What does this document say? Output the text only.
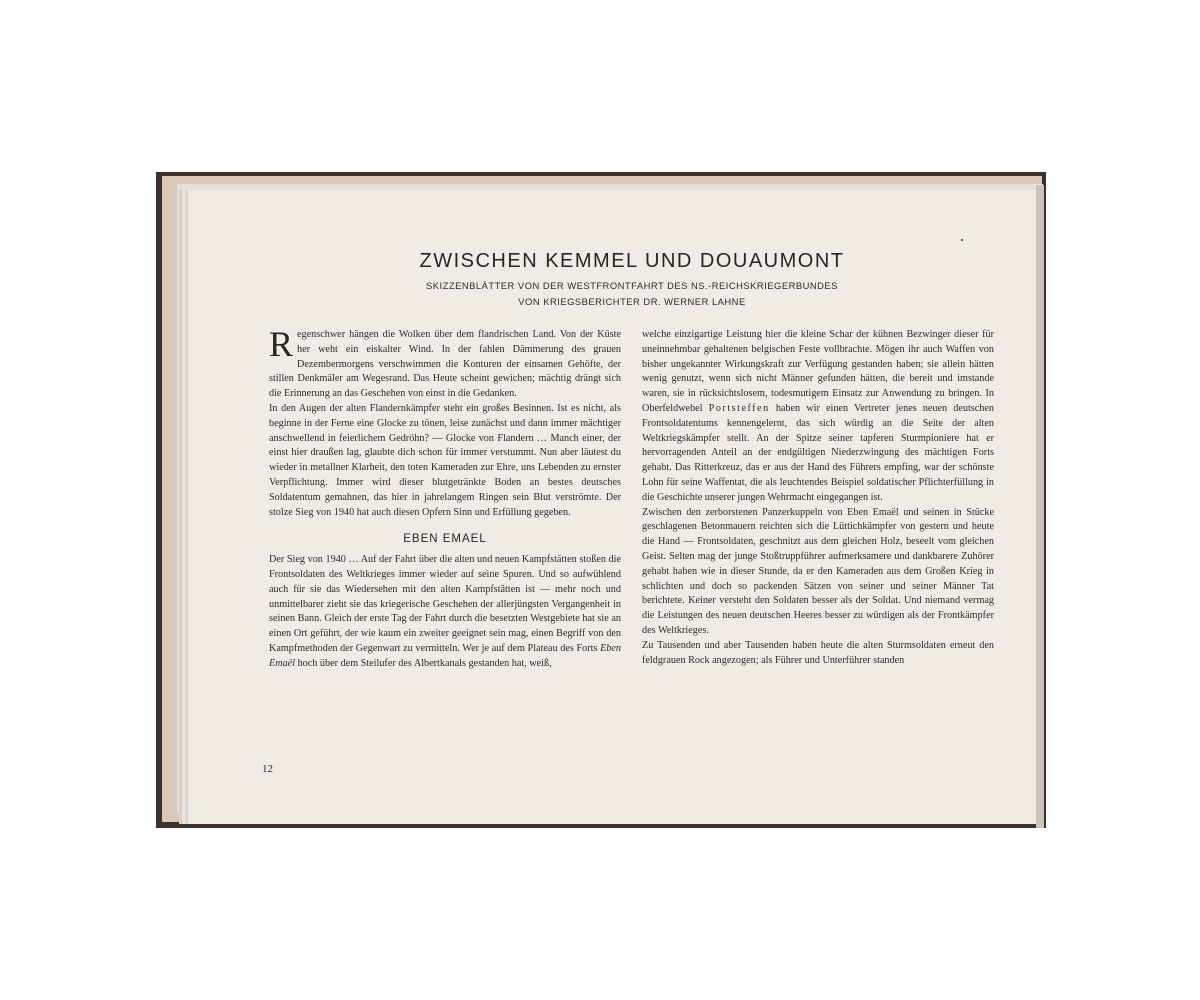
ZWISCHEN KEMMEL UND DOUAUMONT
SKIZZENBLÄTTER VON DER WESTFRONTFAHRT DES NS.-REICHSKRIEGERBUNDES
VON KRIEGSBERICHTER DR. WERNER LAHNE

Regenschwer hängen die Wolken über dem flandrischen Land. Von der Küste her weht ein eiskalter Wind. In der fahlen Dämmerung des grauen Dezembermorgens verschwimmen die Konturen der einsamen Gehöfte, der stillen Denkmäler am Wegesrand. Das Heute scheint gewichen; mächtig drängt sich die Erinnerung an das Geschehen von einst in die Gedanken.

In den Augen der alten Flandernkämpfer steht ein großes Besinnen. Ist es nicht, als beginne in der Ferne eine Glocke zu tönen, leise zunächst und dann immer mächtiger anschwellend in feierlichem Gedröhn? — Glocke von Flandern … Manch einer, der einst hier draußen lag, glaubte dich schon für immer verstummt. Nun aber läutest du wieder in metallner Klarheit, den toten Kameraden zur Ehre, uns Lebenden zu ernster Verpflichtung. Immer wird dieser blutgetränkte Boden an bestes deutsches Soldatentum gemahnen, das hier in jahrelangem Ringen sein Blut verströmte. Der stolze Sieg von 1940 hat auch diesen Opfern Sinn und Erfüllung gegeben.

EBEN EMAEL

Der Sieg von 1940 … Auf der Fahrt über die alten und neuen Kampfstätten stoßen die Frontsoldaten des Weltkrieges immer wieder auf seine Spuren. Und so aufwühlend auch für sie das Wiedersehen mit den alten Kampfstätten ist — mehr noch und unmittelbarer zieht sie das kriegerische Geschehen der allerjüngsten Vergangenheit in seinen Bann. Gleich der erste Tag der Fahrt durch die besetzten Westgebiete hat sie an einen Ort geführt, der wie kaum ein zweiter geeignet sein mag, einen Begriff von den Kampfmethoden der Gegenwart zu vermitteln. Wer je auf dem Plateau des Forts Eben Emaël hoch über dem Steilufer des Albertkanals gestanden hat, weiß,

welche einzigartige Leistung hier die kleine Schar der kühnen Bezwinger dieser für uneinnehmbar gehaltenen belgischen Feste vollbrachte. Mögen ihr auch Waffen von bisher ungekannter Wirkungskraft zur Verfügung gestanden haben; sie allein hätten wenig genutzt, wenn sich nicht Männer gefunden hätten, die bereit und imstande waren, sie in rücksichtslosem, todesmutigem Einsatz zur Anwendung zu bringen. In Oberfeldwebel Portsteffen haben wir einen Vertreter jenes neuen deutschen Frontsoldatentums kennengelernt, das sich würdig an die Seite der alten Weltkriegskämpfer stellt. An der Spitze seiner tapferen Sturmpioniere hat er hervorragenden Anteil an der endgültigen Niederzwingung des mächtigen Forts gehabt. Das Ritterkreuz, das er aus der Hand des Führers empfing, war der schönste Lohn für seine Waffentat, die als leuchtendes Beispiel soldatischer Pflichterfüllung in die Geschichte unserer jungen Wehrmacht eingegangen ist.

Zwischen den zerborstenen Panzerkuppeln von Eben Emaël und seinen in Stücke geschlagenen Betonmauern reichten sich die Lüttichkämpfer von gestern und heute die Hand — Frontsoldaten, geschnitzt aus dem gleichen Holz, beseelt vom gleichen Geist. Selten mag der junge Stoßtruppführer aufmerksamere und dankbarere Zuhörer gehabt haben wie in dieser Stunde, da er den Kameraden aus dem Großen Krieg in schlichten und doch so packenden Sätzen von seiner und seiner Männer Tat berichtete. Keiner versteht den Soldaten besser als der Soldat. Und niemand vermag die Leistungen des neuen deutschen Heeres besser zu würdigen als der Frontkämpfer des Weltkrieges.

Zu Tausenden und aber Tausenden haben heute die alten Sturmsoldaten erneut den feldgrauen Rock angezogen; als Führer und Unterführer standen

12
